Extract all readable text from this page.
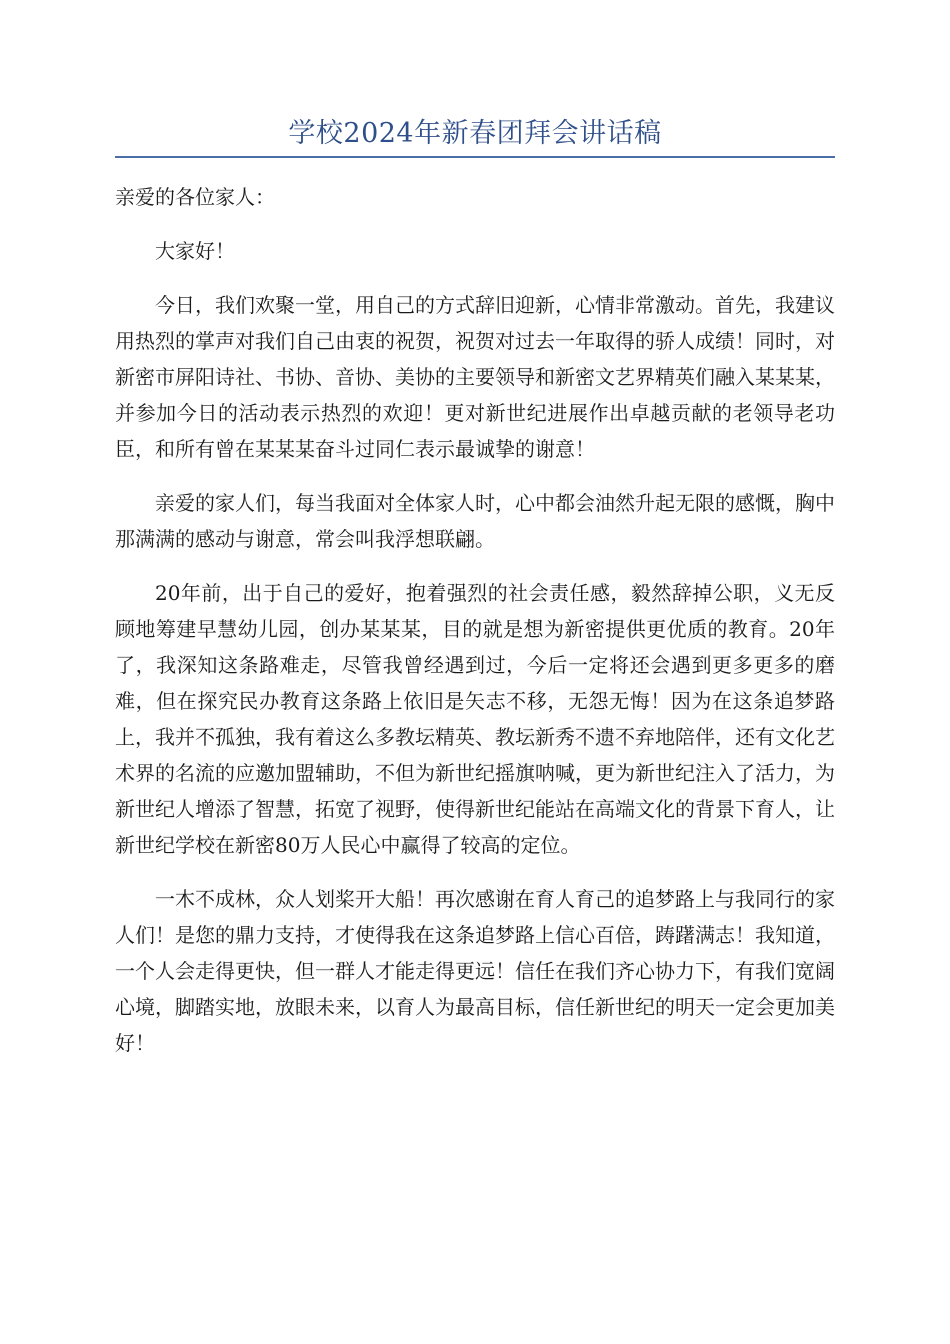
学校2024年新春团拜会讲话稿

亲爱的各位家人：

大家好！

今日，我们欢聚一堂，用自己的方式辞旧迎新，心情非常激动。首先，我建议用热烈的掌声对我们自己由衷的祝贺，祝贺对过去一年取得的骄人成绩！同时，对新密市屏阳诗社、书协、音协、美协的主要领导和新密文艺界精英们融入某某某，并参加今日的活动表示热烈的欢迎！更对新世纪进展作出卓越贡献的老领导老功臣，和所有曾在某某某奋斗过同仁表示最诚挚的谢意！

亲爱的家人们，每当我面对全体家人时，心中都会油然升起无限的感慨，胸中那满满的感动与谢意，常会叫我浮想联翩。

20年前，出于自己的爱好，抱着强烈的社会责任感，毅然辞掉公职，义无反顾地筹建早慧幼儿园，创办某某某，目的就是想为新密提供更优质的教育。20年了，我深知这条路难走，尽管我曾经遇到过，今后一定将还会遇到更多更多的磨难，但在探究民办教育这条路上依旧是矢志不移，无怨无悔！因为在这条追梦路上，我并不孤独，我有着这么多教坛精英、教坛新秀不遗不弃地陪伴，还有文化艺术界的名流的应邀加盟辅助，不但为新世纪摇旗呐喊，更为新世纪注入了活力，为新世纪人增添了智慧，拓宽了视野，使得新世纪能站在高端文化的背景下育人，让新世纪学校在新密80万人民心中赢得了较高的定位。

一木不成林，众人划桨开大船！再次感谢在育人育己的追梦路上与我同行的家人们！是您的鼎力支持，才使得我在这条追梦路上信心百倍，踌躇满志！我知道，一个人会走得更快，但一群人才能走得更远！信任在我们齐心协力下，有我们宽阔心境，脚踏实地，放眼未来，以育人为最高目标，信任新世纪的明天一定会更加美好！
